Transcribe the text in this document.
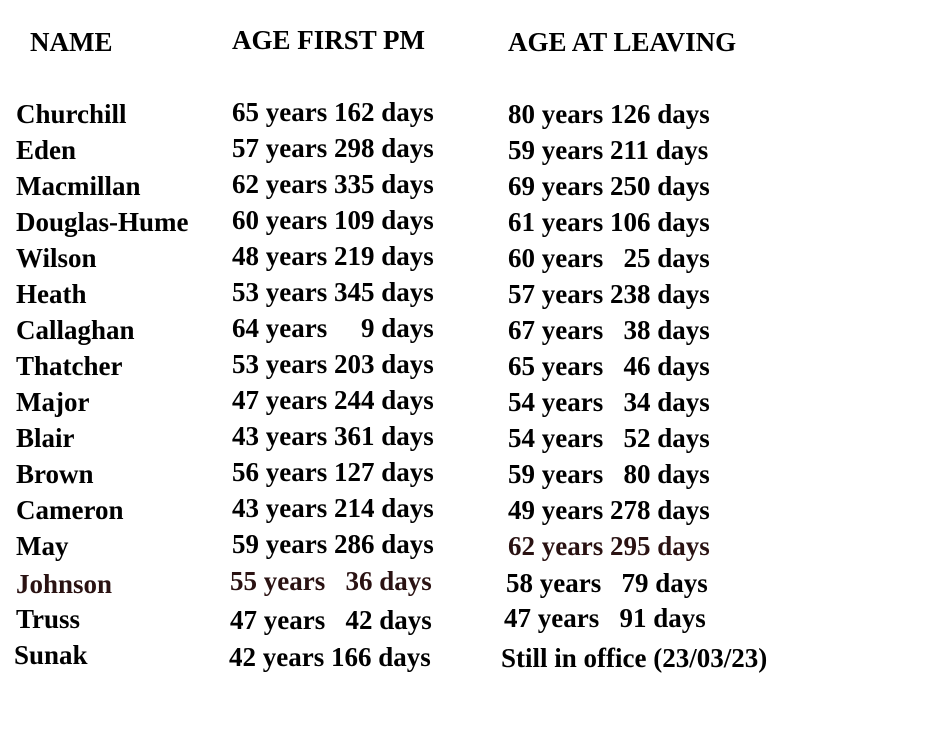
NAME	AGE FIRST PM	AGE AT LEAVING
Churchill	65 years 162 days	80 years 126 days
Eden	57 years 298 days	59 years 211 days
Macmillan	62 years 335 days	69 years 250 days
Douglas-Hume 60 years 109 days	61 years 106 days
Wilson	48 years 219 days	60 years   25 days
Heath	53 years 345 days	57 years 238 days
Callaghan	64 years     9 days	67 years   38 days
Thatcher	53 years 203 days	65 years   46 days
Major	47 years 244 days	54 years   34 days
Blair	43 years 361 days	54 years   52 days
Brown	56 years 127 days	59 years   80 days
Cameron	43 years 214 days	49 years 278 days
May	59 years 286 days	62 years 295 days
Johnson	55 years   36 days	58 years   79 days
Truss	47 years   42 days	47 years   91 days
Sunak	42 years 166 days	Still in office (23/03/23)
